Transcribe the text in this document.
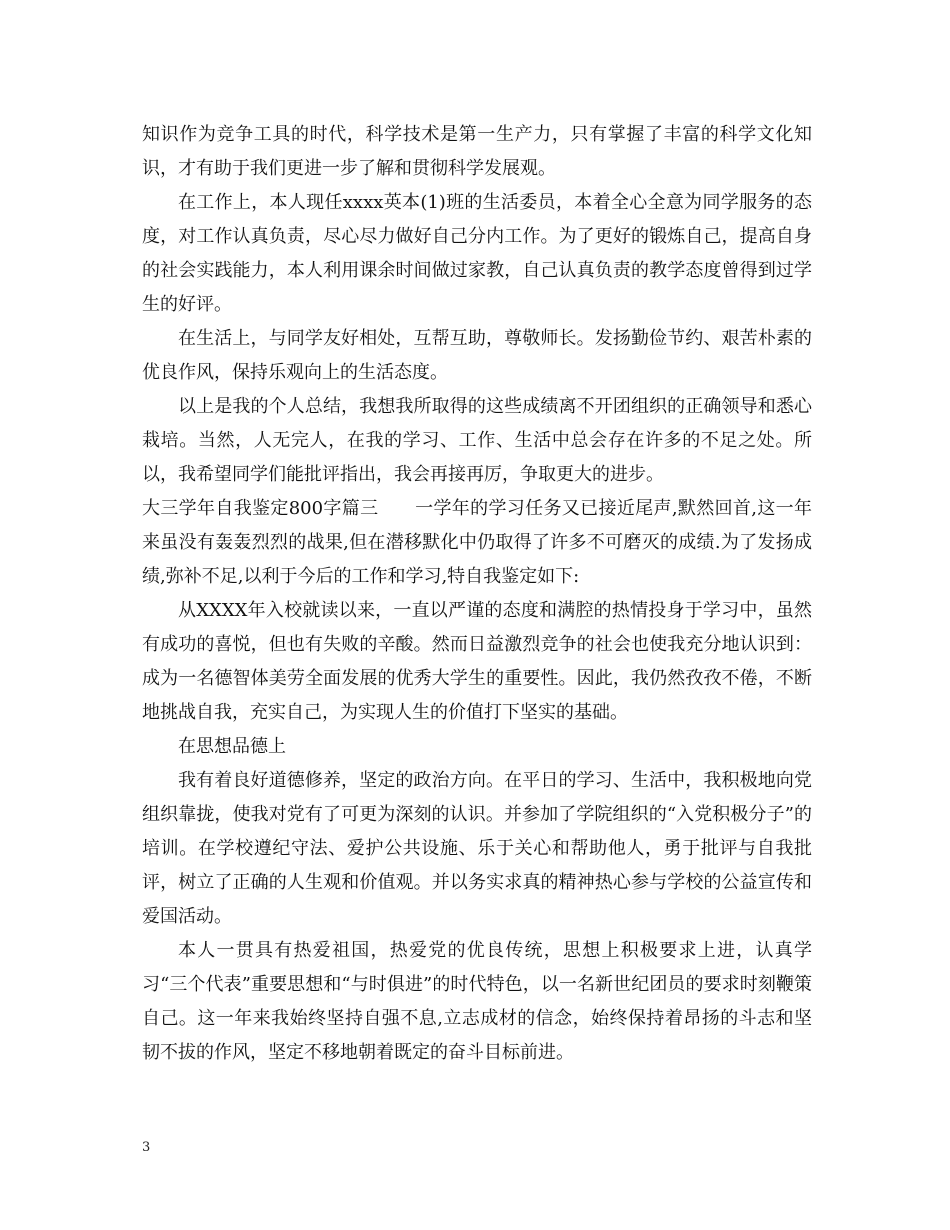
知识作为竞争工具的时代，科学技术是第一生产力，只有掌握了丰富的科学文化知识，才有助于我们更进一步了解和贯彻科学发展观。

在工作上，本人现任xxxx英本(1)班的生活委员，本着全心全意为同学服务的态度，对工作认真负责，尽心尽力做好自己分内工作。为了更好的锻炼自己，提高自身的社会实践能力，本人利用课余时间做过家教，自己认真负责的教学态度曾得到过学生的好评。

在生活上，与同学友好相处，互帮互助，尊敬师长。发扬勤俭节约、艰苦朴素的优良作风，保持乐观向上的生活态度。

以上是我的个人总结，我想我所取得的这些成绩离不开团组织的正确领导和悉心栽培。当然，人无完人，在我的学习、工作、生活中总会存在许多的不足之处。所以，我希望同学们能批评指出，我会再接再厉，争取更大的进步。

大三学年自我鉴定800字篇三　　一学年的学习任务又已接近尾声,默然回首,这一年来虽没有轰轰烈烈的战果,但在潜移默化中仍取得了许多不可磨灭的成绩.为了发扬成绩,弥补不足,以利于今后的工作和学习,特自我鉴定如下:

从XXXX年入校就读以来，一直以严谨的态度和满腔的热情投身于学习中，虽然有成功的喜悦，但也有失败的辛酸。然而日益激烈竞争的社会也使我充分地认识到：成为一名德智体美劳全面发展的优秀大学生的重要性。因此，我仍然孜孜不倦，不断地挑战自我，充实自己，为实现人生的价值打下坚实的基础。

在思想品德上

我有着良好道德修养，坚定的政治方向。在平日的学习、生活中，我积极地向党组织靠拢，使我对党有了可更为深刻的认识。并参加了学院组织的“入党积极分子”的培训。在学校遵纪守法、爱护公共设施、乐于关心和帮助他人，勇于批评与自我批评，树立了正确的人生观和价值观。并以务实求真的精神热心参与学校的公益宣传和爱国活动。

本人一贯具有热爱祖国，热爱党的优良传统，思想上积极要求上进，认真学习“三个代表”重要思想和“与时俱进”的时代特色，以一名新世纪团员的要求时刻鞭策自己。这一年来我始终坚持自强不息,立志成材的信念，始终保持着昂扬的斗志和坚韧不拔的作风，坚定不移地朝着既定的奋斗目标前进。

3
